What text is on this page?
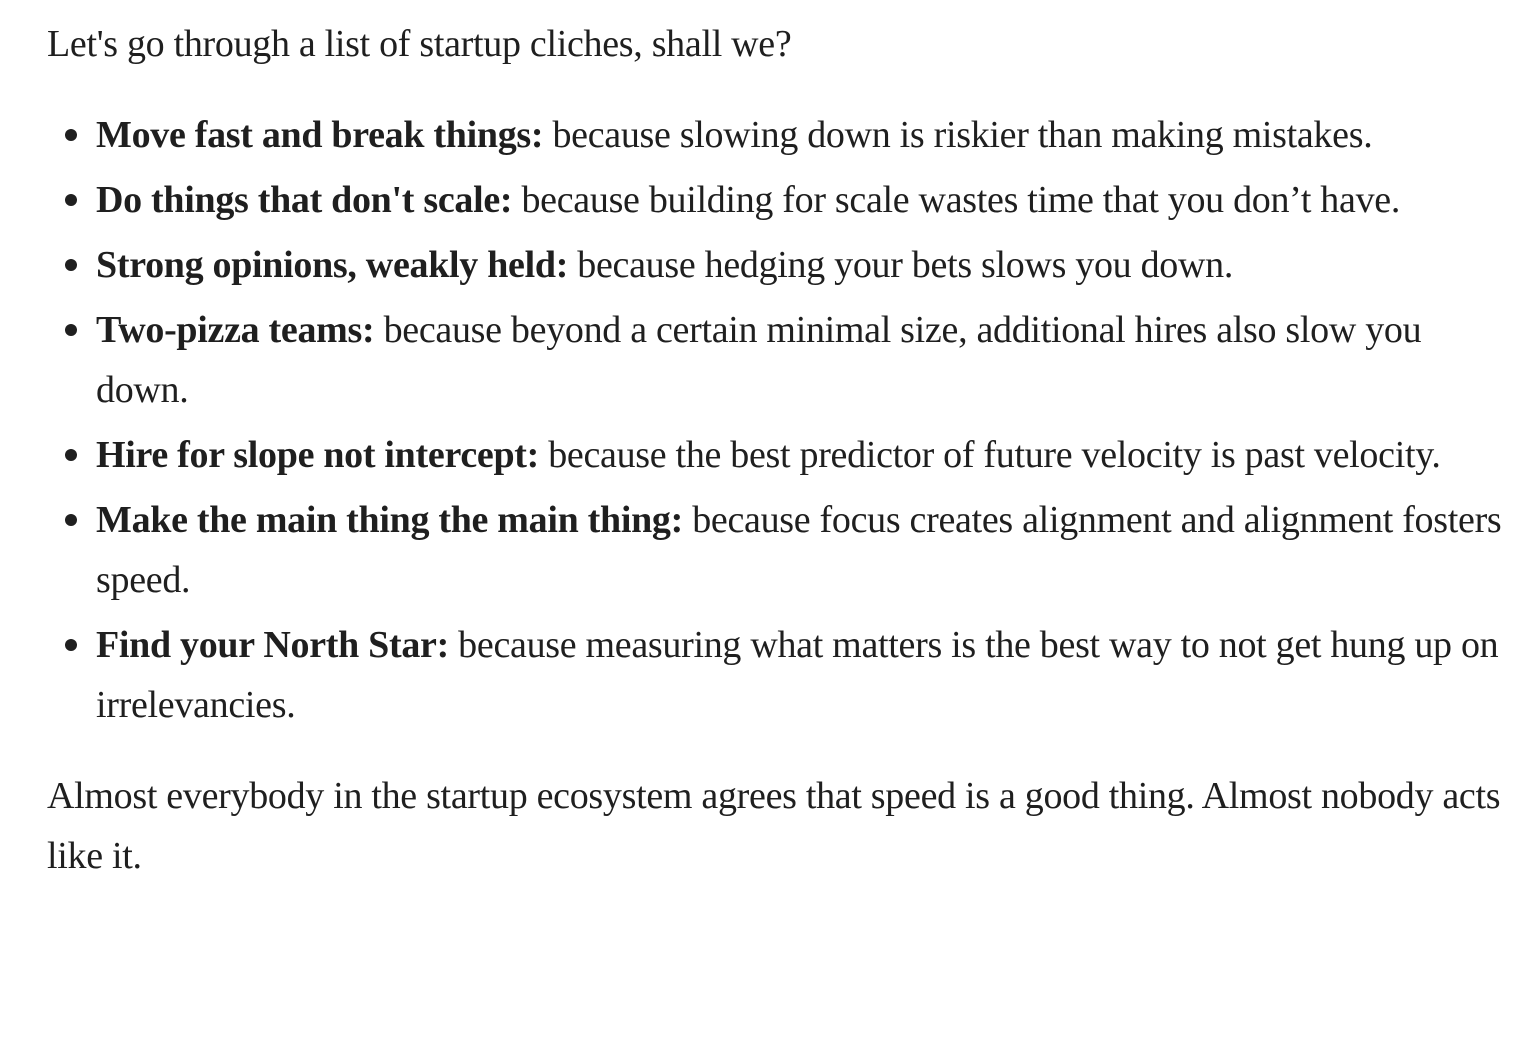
Let's go through a list of startup cliches, shall we?

Move fast and break things: because slowing down is riskier than making mistakes.
Do things that don't scale: because building for scale wastes time that you don’t have.
Strong opinions, weakly held: because hedging your bets slows you down.
Two-pizza teams: because beyond a certain minimal size, additional hires also slow you down.
Hire for slope not intercept: because the best predictor of future velocity is past velocity.
Make the main thing the main thing: because focus creates alignment and alignment fosters speed.
Find your North Star: because measuring what matters is the best way to not get hung up on irrelevancies.

Almost everybody in the startup ecosystem agrees that speed is a good thing. Almost nobody acts like it.
